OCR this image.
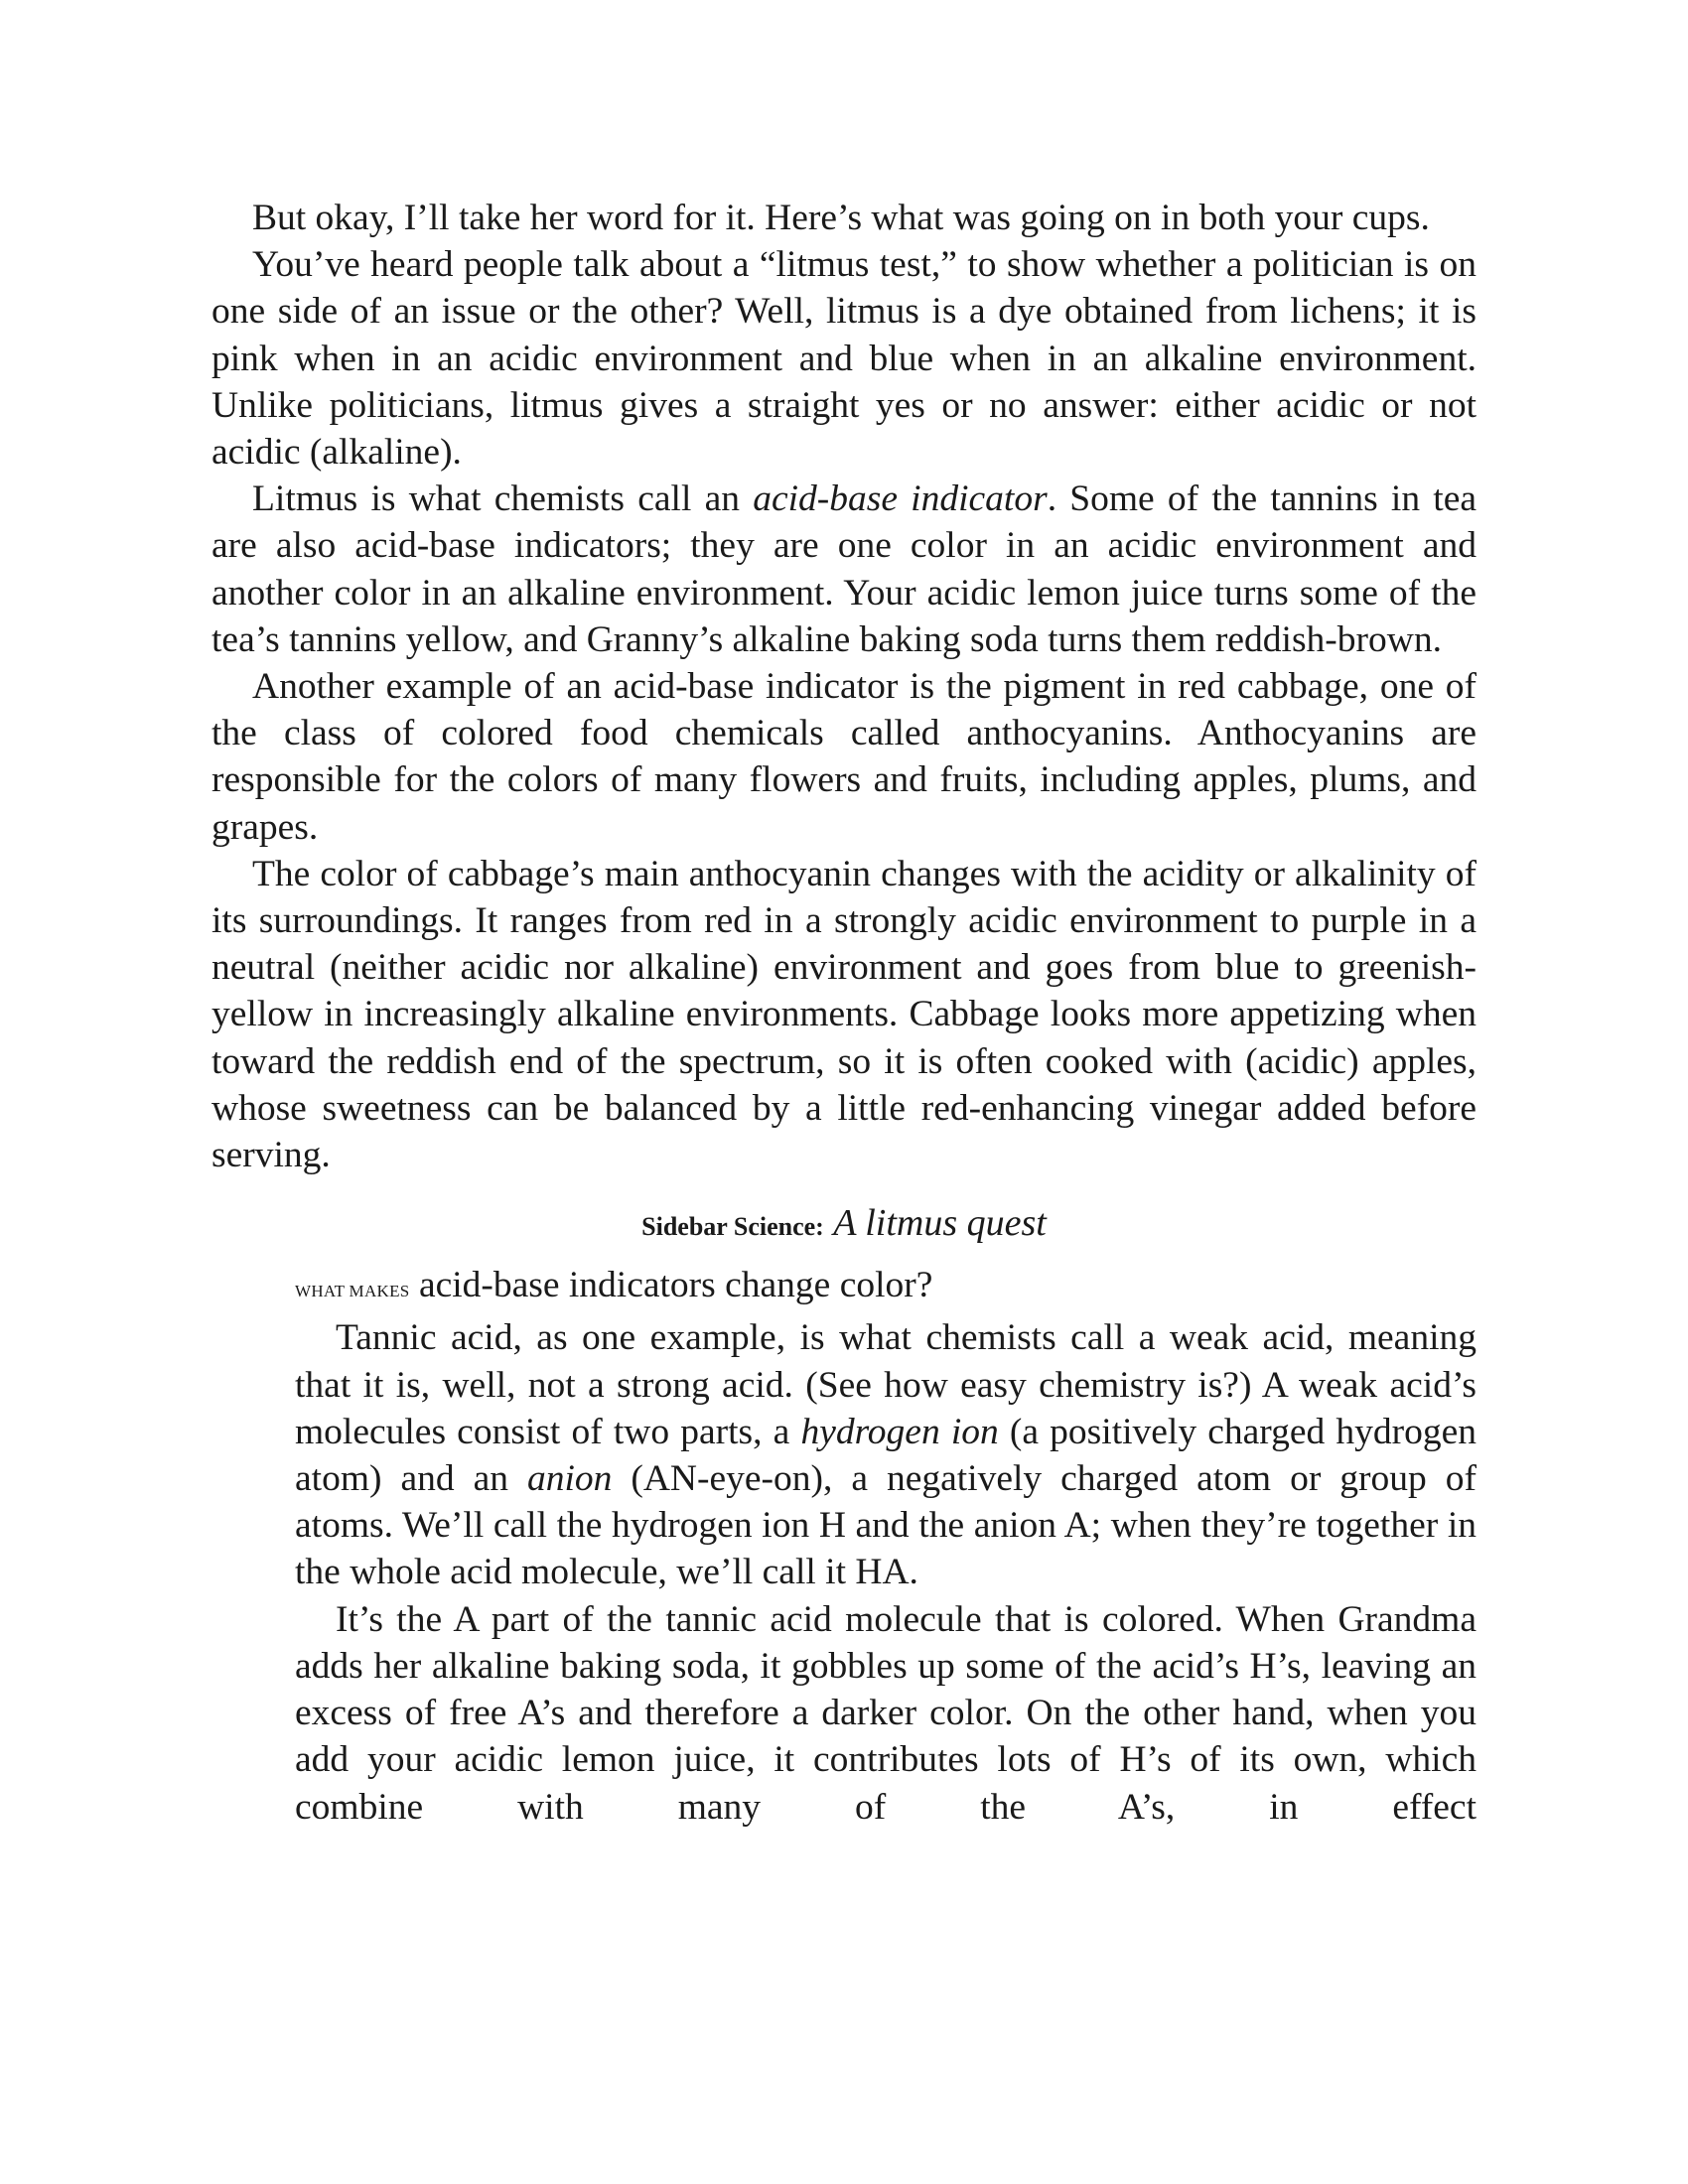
But okay, I’ll take her word for it. Here’s what was going on in both your cups.

You’ve heard people talk about a “litmus test,” to show whether a politician is on one side of an issue or the other? Well, litmus is a dye obtained from lichens; it is pink when in an acidic environment and blue when in an alkaline environment. Unlike politicians, litmus gives a straight yes or no answer: either acidic or not acidic (alkaline).

Litmus is what chemists call an acid-base indicator. Some of the tannins in tea are also acid-base indicators; they are one color in an acidic environment and another color in an alkaline environment. Your acidic lemon juice turns some of the tea’s tannins yellow, and Granny’s alkaline baking soda turns them reddish-brown.

Another example of an acid-base indicator is the pigment in red cabbage, one of the class of colored food chemicals called anthocyanins. Anthocyanins are responsible for the colors of many flowers and fruits, including apples, plums, and grapes.

The color of cabbage’s main anthocyanin changes with the acidity or alkalinity of its surroundings. It ranges from red in a strongly acidic environment to purple in a neutral (neither acidic nor alkaline) environment and goes from blue to greenish-yellow in increasingly alkaline environments. Cabbage looks more appetizing when toward the reddish end of the spectrum, so it is often cooked with (acidic) apples, whose sweetness can be balanced by a little red-enhancing vinegar added before serving.

Sidebar Science: A litmus quest

WHAT MAKES acid-base indicators change color?

Tannic acid, as one example, is what chemists call a weak acid, meaning that it is, well, not a strong acid. (See how easy chemistry is?) A weak acid’s molecules consist of two parts, a hydrogen ion (a positively charged hydrogen atom) and an anion (AN-eye-on), a negatively charged atom or group of atoms. We’ll call the hydrogen ion H and the anion A; when they’re together in the whole acid molecule, we’ll call it HA.

It’s the A part of the tannic acid molecule that is colored. When Grandma adds her alkaline baking soda, it gobbles up some of the acid’s H’s, leaving an excess of free A’s and therefore a darker color. On the other hand, when you add your acidic lemon juice, it contributes lots of H’s of its own, which combine with many of the A’s, in effect
